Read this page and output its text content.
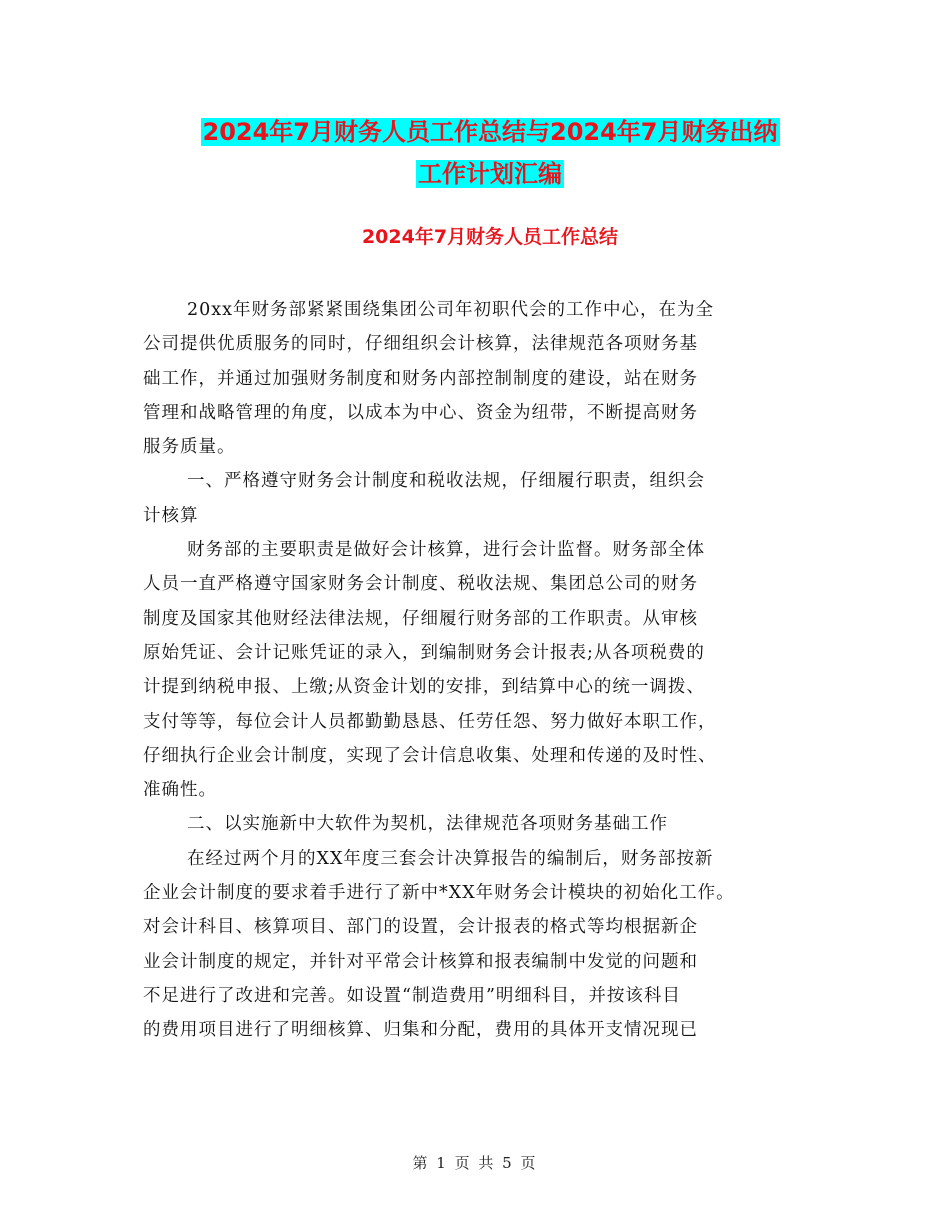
2024年7月财务人员工作总结与2024年7月财务出纳
工作计划汇编
2024年7月财务人员工作总结
20xx年财务部紧紧围绕集团公司年初职代会的工作中心，在为全
公司提供优质服务的同时，仔细组织会计核算，法律规范各项财务基
础工作，并通过加强财务制度和财务内部控制制度的建设，站在财务
管理和战略管理的角度，以成本为中心、资金为纽带，不断提高财务
服务质量。
一、严格遵守财务会计制度和税收法规，仔细履行职责，组织会
计核算
财务部的主要职责是做好会计核算，进行会计监督。财务部全体
人员一直严格遵守国家财务会计制度、税收法规、集团总公司的财务
制度及国家其他财经法律法规，仔细履行财务部的工作职责。从审核
原始凭证、会计记账凭证的录入，到编制财务会计报表;从各项税费的
计提到纳税申报、上缴;从资金计划的安排，到结算中心的统一调拨、
支付等等，每位会计人员都勤勤恳恳、任劳任怨、努力做好本职工作，
仔细执行企业会计制度，实现了会计信息收集、处理和传递的及时性、
准确性。
二、以实施新中大软件为契机，法律规范各项财务基础工作
在经过两个月的XX年度三套会计决算报告的编制后，财务部按新
企业会计制度的要求着手进行了新中*XX年财务会计模块的初始化工作。
对会计科目、核算项目、部门的设置，会计报表的格式等均根据新企
业会计制度的规定，并针对平常会计核算和报表编制中发觉的问题和
不足进行了改进和完善。如设置“制造费用”明细科目，并按该科目
的费用项目进行了明细核算、归集和分配，费用的具体开支情况现已
第 1 页 共 5 页
